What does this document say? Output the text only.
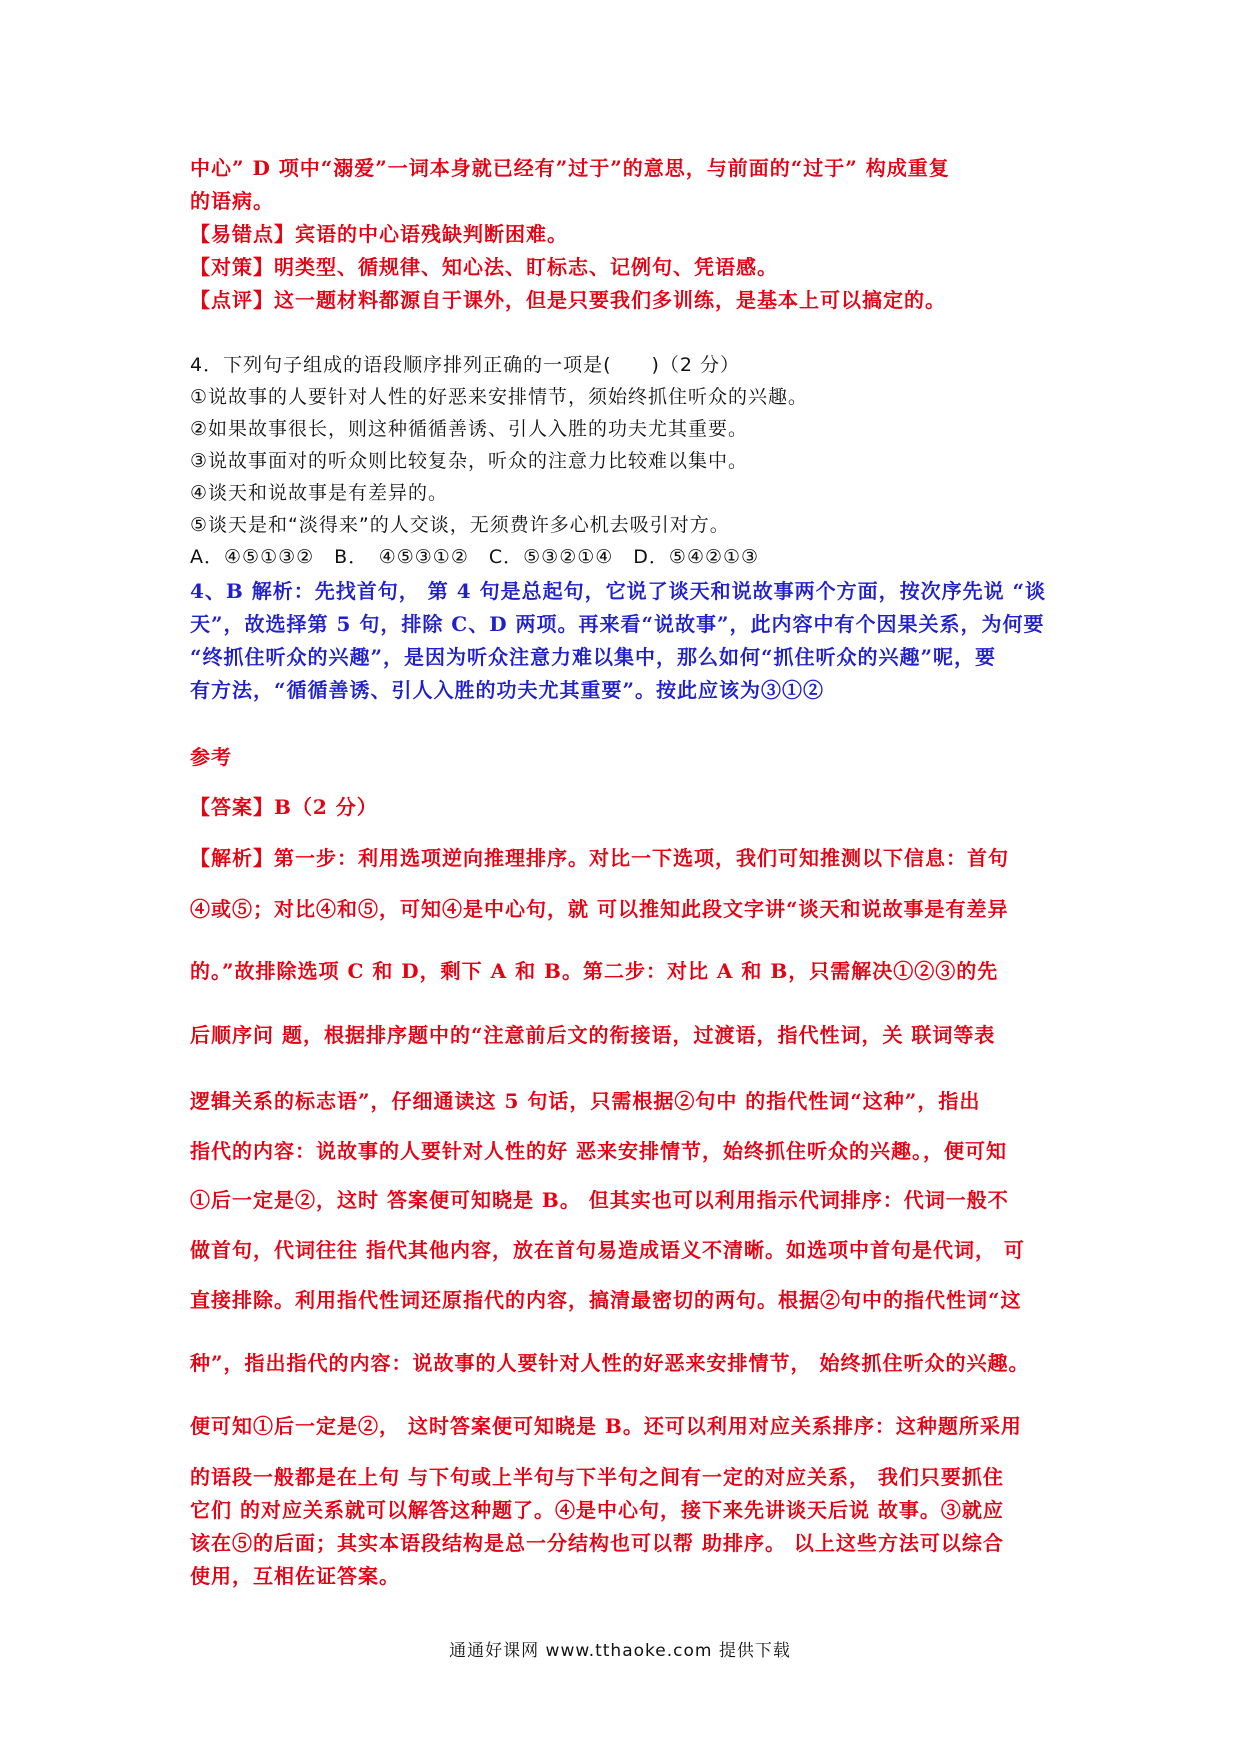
中心” D 项中“溺爱”一词本身就已经有”过于”的意思，与前面的“过于” 构成重复

的语病。

【易错点】宾语的中心语残缺判断困难。

【对策】明类型、循规律、知心法、盯标志、记例句、凭语感。

【点评】这一题材料都源自于课外，但是只要我们多训练，是基本上可以搞定的。

4．下列句子组成的语段顺序排列正确的一项是(　　)（2 分）

①说故事的人要针对人性的好恶来安排情节，须始终抓住听众的兴趣。

②如果故事很长，则这种循循善诱、引人入胜的功夫尤其重要。

③说故事面对的听众则比较复杂，听众的注意力比较难以集中。

④谈天和说故事是有差异的。

⑤谈天是和“淡得来”的人交谈，无须费许多心机去吸引对方。

A．④⑤①③②　B．　④⑤③①②　C．⑤③②①④　D．⑤④②①③

4、B 解析：先找首句， 第 4 句是总起句，它说了谈天和说故事两个方面，按次序先说 “谈

天”，故选择第 5 句，排除 C、D 两项。再来看“说故事”，此内容中有个因果关系，为何要

“终抓住听众的兴趣”，是因为听众注意力难以集中，那么如何“抓住听众的兴趣”呢，要

有方法，“循循善诱、引人入胜的功夫尤其重要”。按此应该为③①②

参考

【答案】B（2 分）

【解析】第一步：利用选项逆向推理排序。对比一下选项，我们可知推测以下信息：首句

④或⑤；对比④和⑤，可知④是中心句，就 可以推知此段文字讲“谈天和说故事是有差异

的。”故排除选项 C 和 D，剩下 A 和 B。第二步：对比 A 和 B，只需解决①②③的先

后顺序问 题，根据排序题中的“注意前后文的衔接语，过渡语，指代性词，关 联词等表

逻辑关系的标志语”，仔细通读这 5 句话，只需根据②句中 的指代性词“这种”，指出

指代的内容：说故事的人要针对人性的好 恶来安排情节，始终抓住听众的兴趣。，便可知

①后一定是②，这时 答案便可知晓是 B。 但其实也可以利用指示代词排序：代词一般不

做首句，代词往往 指代其他内容，放在首句易造成语义不清晰。如选项中首句是代词， 可

直接排除。利用指代性词还原指代的内容，搞清最密切的两句。根据②句中的指代性词“这

种”，指出指代的内容：说故事的人要针对人性的好恶来安排情节， 始终抓住听众的兴趣。

便可知①后一定是②， 这时答案便可知晓是 B。还可以利用对应关系排序：这种题所采用

的语段一般都是在上句 与下句或上半句与下半句之间有一定的对应关系， 我们只要抓住

它们 的对应关系就可以解答这种题了。④是中心句，接下来先讲谈天后说 故事。③就应

该在⑤的后面；其实本语段结构是总一分结构也可以帮 助排序。 以上这些方法可以综合

使用，互相佐证答案。

通通好课网 www.tthaoke.com 提供下载
